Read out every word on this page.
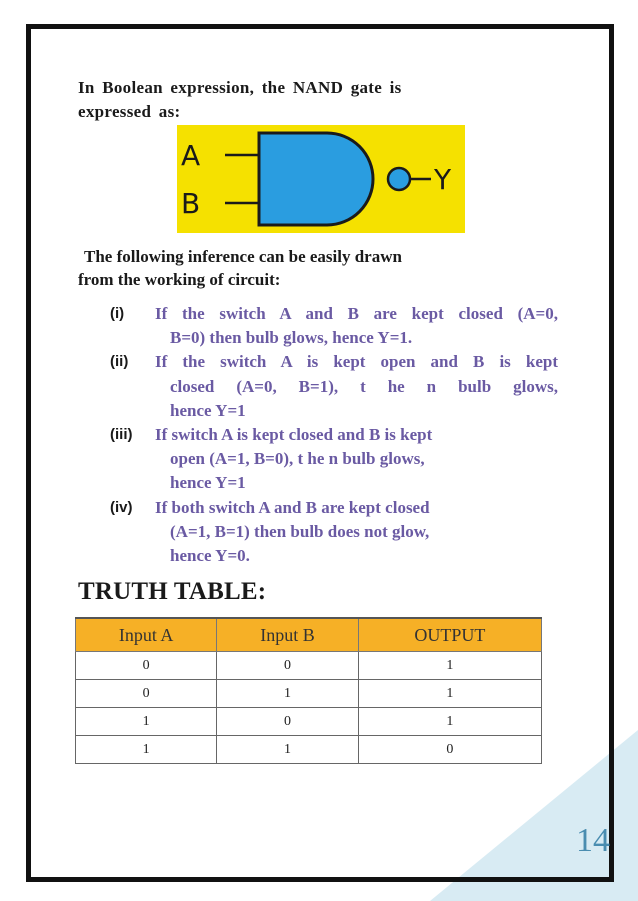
In Boolean expression, the NAND gate is
expressed as:
A
B
Y
The following inference can be easily drawn
from the working of circuit:
(i) If the switch A and B are kept closed (A=0,
B=0) then bulb glows, hence Y=1.
(ii) If the switch A is kept open and B is kept
closed (A=0, B=1), t he n bulb glows,
hence Y=1
(iii) If switch A is kept closed and B is kept
open (A=1, B=0), t he n bulb glows,
hence Y=1
(iv) If both switch A and B are kept closed
(A=1, B=1) then bulb does not glow,
hence Y=0.
TRUTH TABLE:
Input A	Input B	OUTPUT
0	0	1
0	1	1
1	0	1
1	1	0
14
